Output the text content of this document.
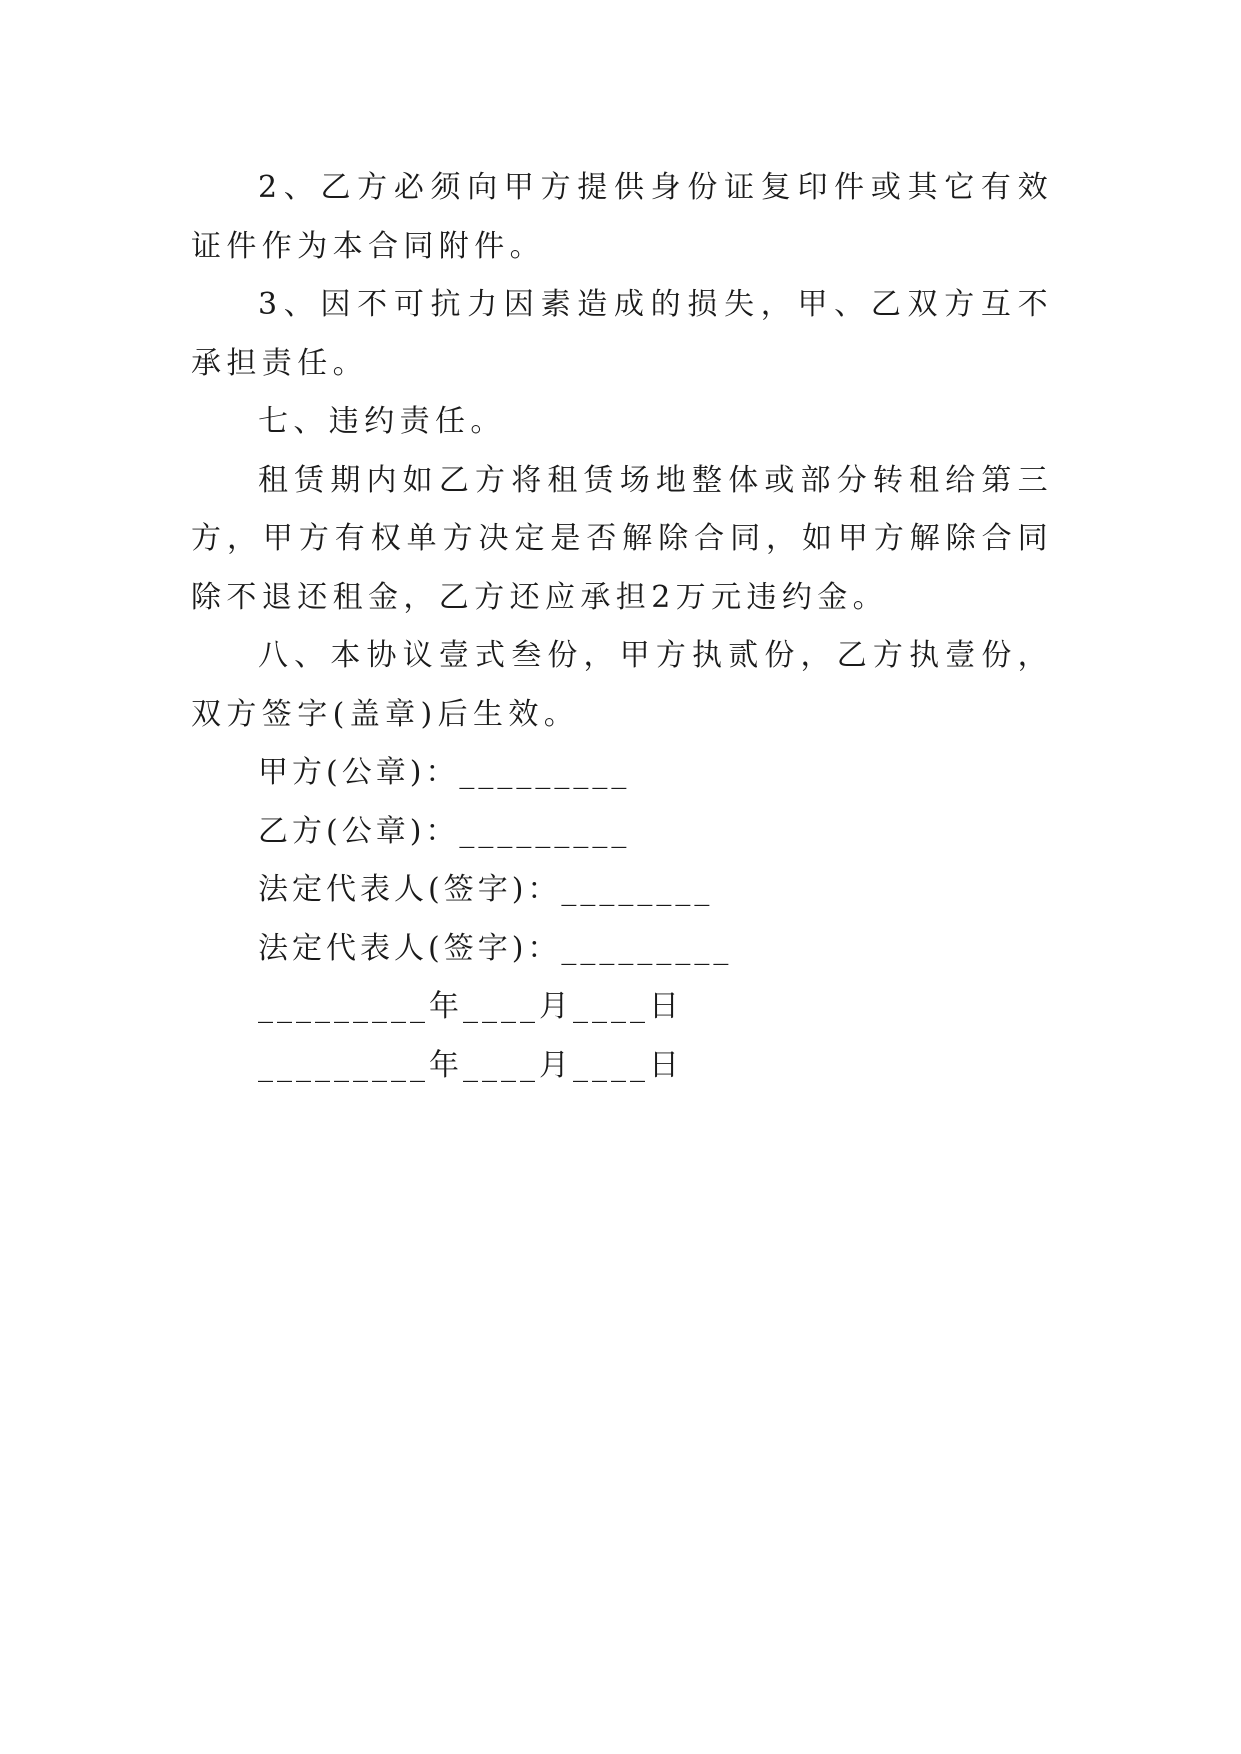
2、乙方必须向甲方提供身份证复印件或其它有效证件作为本合同附件。

3、因不可抗力因素造成的损失，甲、乙双方互不承担责任。

七、违约责任。

租赁期内如乙方将租赁场地整体或部分转租给第三方，甲方有权单方决定是否解除合同，如甲方解除合同除不退还租金，乙方还应承担2万元违约金。

八、本协议壹式叁份，甲方执贰份，乙方执壹份，双方签字(盖章)后生效。

甲方(公章)：_________

乙方(公章)：_________

法定代表人(签字)：________

法定代表人(签字)：_________

_________年____月____日

_________年____月____日
